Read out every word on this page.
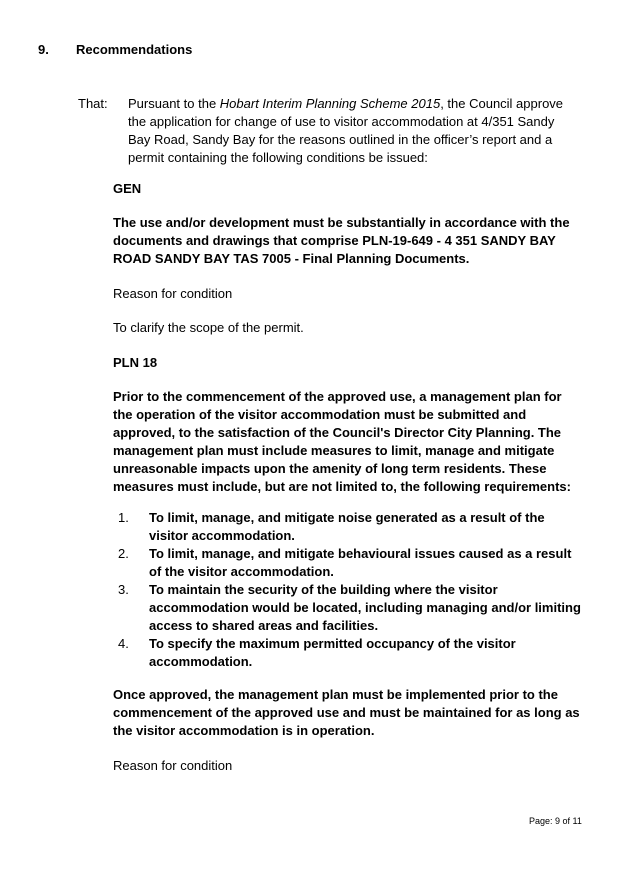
9. Recommendations
That: Pursuant to the Hobart Interim Planning Scheme 2015, the Council approve the application for change of use to visitor accommodation at 4/351 Sandy Bay Road, Sandy Bay for the reasons outlined in the officer’s report and a permit containing the following conditions be issued:
GEN
The use and/or development must be substantially in accordance with the documents and drawings that comprise PLN-19-649 - 4 351 SANDY BAY ROAD SANDY BAY TAS 7005 - Final Planning Documents.
Reason for condition
To clarify the scope of the permit.
PLN 18
Prior to the commencement of the approved use, a management plan for the operation of the visitor accommodation must be submitted and approved, to the satisfaction of the Council's Director City Planning. The management plan must include measures to limit, manage and mitigate unreasonable impacts upon the amenity of long term residents. These measures must include, but are not limited to, the following requirements:
1. To limit, manage, and mitigate noise generated as a result of the visitor accommodation.
2. To limit, manage, and mitigate behavioural issues caused as a result of the visitor accommodation.
3. To maintain the security of the building where the visitor accommodation would be located, including managing and/or limiting access to shared areas and facilities.
4. To specify the maximum permitted occupancy of the visitor accommodation.
Once approved, the management plan must be implemented prior to the commencement of the approved use and must be maintained for as long as the visitor accommodation is in operation.
Reason for condition
Page: 9 of 11
